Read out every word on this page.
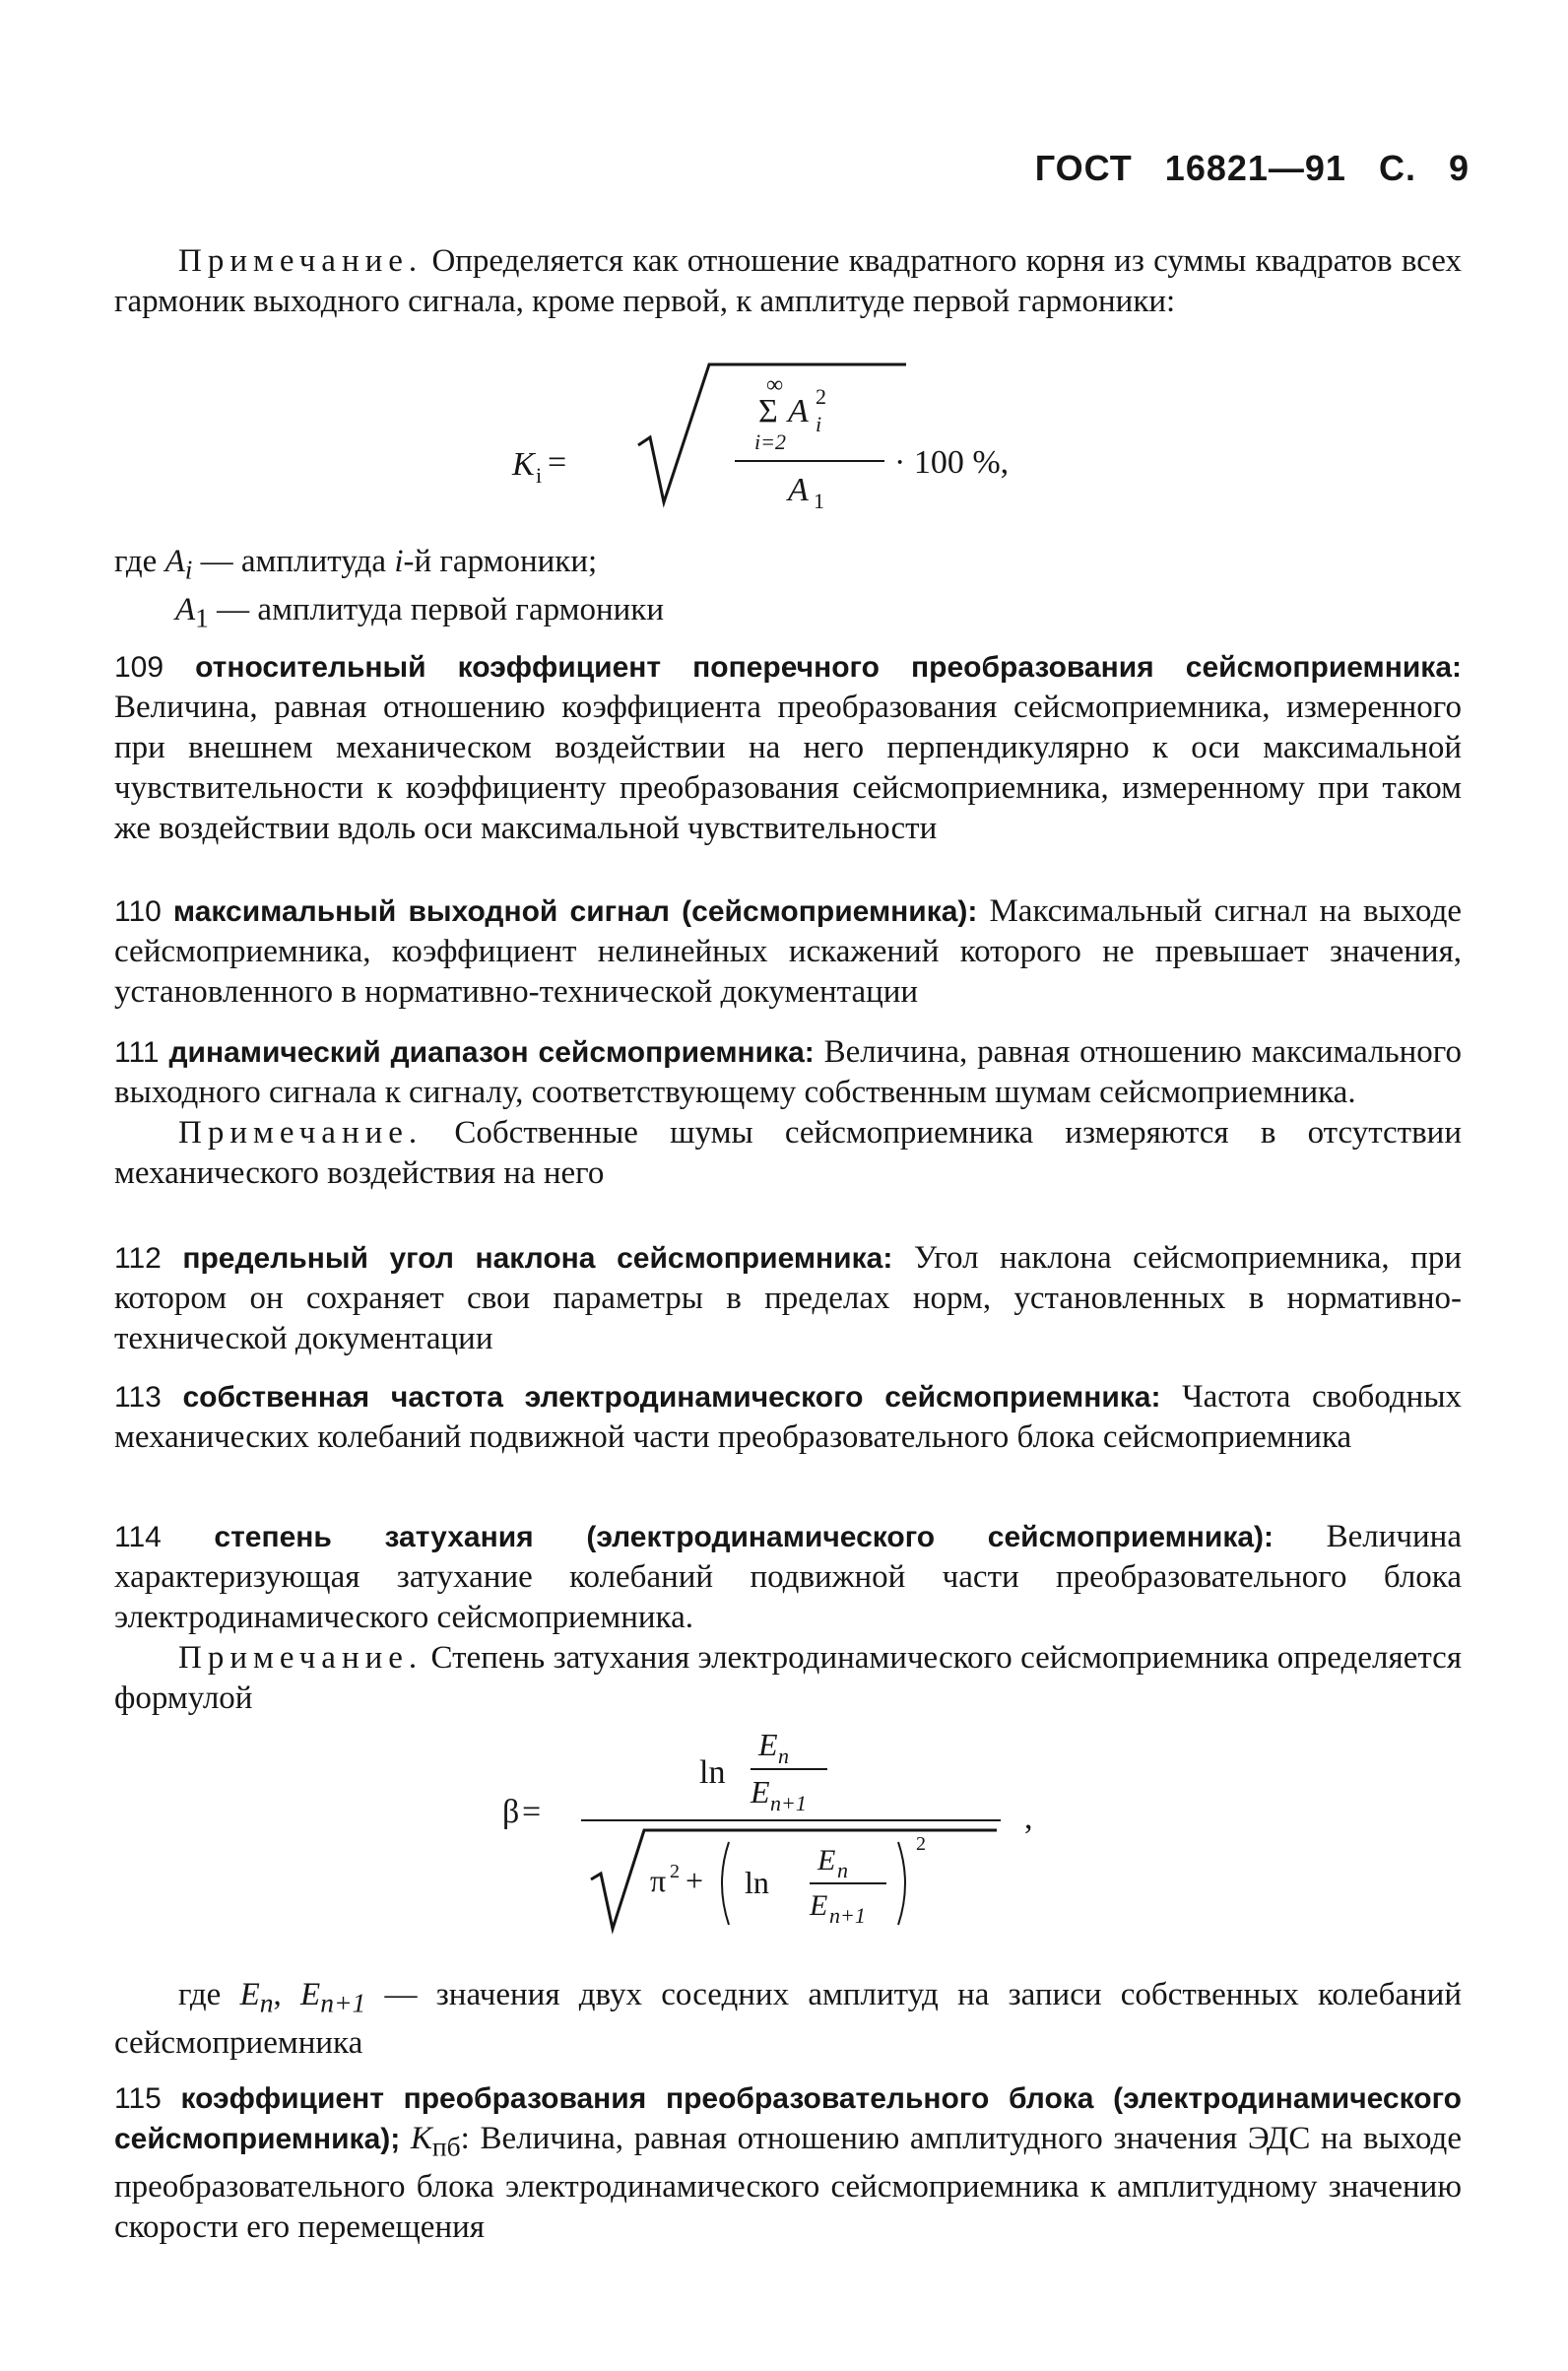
ГОСТ 16821—91 С. 9

Примечание. Определяется как отношение квадратного корня из суммы квадратов всех гармоник выходного сигнала, кроме первой, к амплитуде первой гармоники:

K i =
∞
Σ A 2
i
i=2
A 1
· 100 %,

где $A_i$ — амплитуда i-й гармоники;

$A_1$ — амплитуда первой гармоники

109 относительный коэффициент поперечного преобразования сейсмоприемника: Величина, равная отношению коэффициента преобразования сейсмоприемника, измеренного при внешнем механическом воздействии на него перпендикулярно к оси максимальной чувствительности к коэффициенту преобразования сейсмоприемника, измеренному при таком же воздействии вдоль оси максимальной чувствительности

110 максимальный выходной сигнал (сейсмоприемника): Максимальный сигнал на выходе сейсмоприемника, коэффициент нелинейных искажений которого не превышает значения, установленного в нормативно-технической документации

111 динамический диапазон сейсмоприемника: Величина, равная отношению максимального выходного сигнала к сигналу, соответствующему собственным шумам сейсмоприемника.

Примечание. Собственные шумы сейсмоприемника измеряются в отсутствии механического воздействия на него

112 предельный угол наклона сейсмоприемника: Угол наклона сейсмоприемника, при котором он сохраняет свои параметры в пределах норм, установленных в нормативно-технической документации

113 собственная частота электродинамического сейсмоприемника: Частота свободных механических колебаний подвижной части преобразовательного блока сейсмоприемника

114 степень затухания (электродинамического сейсмоприемника): Величина характеризующая затухание колебаний подвижной части преобразовательного блока электродинамического сейсмоприемника.

Примечание. Степень затухания электродинамического сейсмоприемника определяется формулой

β =
ln
E n
E n+1
π 2 + ln
E n
E n+1
2
,

где $E_n$, $E_{n+1}$ — значения двух соседних амплитуд на записи собственных колебаний сейсмоприемника

115 коэффициент преобразования преобразовательного блока (электродинамического сейсмоприемника); $K_{пб}$: Величина, равная отношению амплитудного значения ЭДС на выходе преобразовательного блока электродинамического сейсмоприемника к амплитудному значению скорости его перемещения
